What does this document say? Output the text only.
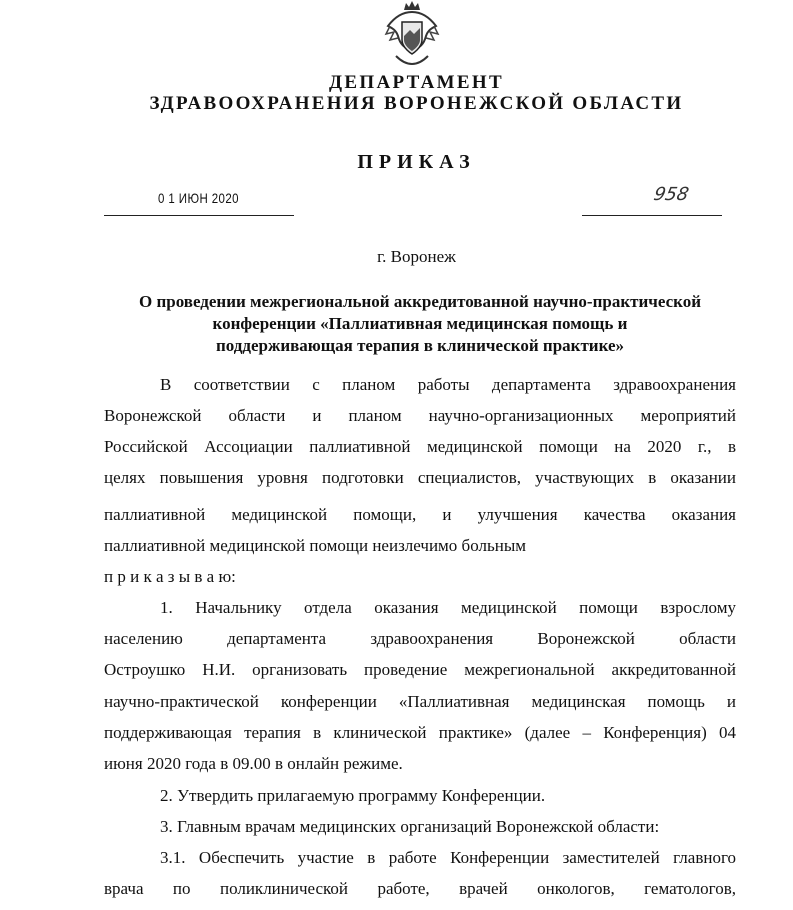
ДЕПАРТАМЕНТ
ЗДРАВООХРАНЕНИЯ ВОРОНЕЖСКОЙ ОБЛАСТИ
ПРИКАЗ
0 1 ИЮН 2020	958
г. Воронеж
О проведении межрегиональной аккредитованной научно-практической
конференции «Паллиативная медицинская помощь и
поддерживающая терапия в клинической практике»
В соответствии с планом работы департамента здравоохранения
Воронежской области и планом научно-организационных мероприятий
Российской Ассоциации паллиативной медицинской помощи на 2020 г., в
целях повышения уровня подготовки специалистов, участвующих в оказании
паллиативной медицинской помощи, и улучшения качества оказания
паллиативной медицинской помощи неизлечимо больным
п р и к а з ы в а ю:
1. Начальнику отдела оказания медицинской помощи взрослому
населению департамента здравоохранения Воронежской области
Остроушко Н.И. организовать проведение межрегиональной аккредитованной
научно-практической конференции «Паллиативная медицинская помощь и
поддерживающая терапия в клинической практике» (далее – Конференция) 04
июня 2020 года в 09.00 в онлайн режиме.
2. Утвердить прилагаемую программу Конференции.
3. Главным врачам медицинских организаций Воронежской области:
3.1. Обеспечить участие в работе Конференции заместителей главного
врача по поликлинической работе, врачей онкологов, гематологов,
